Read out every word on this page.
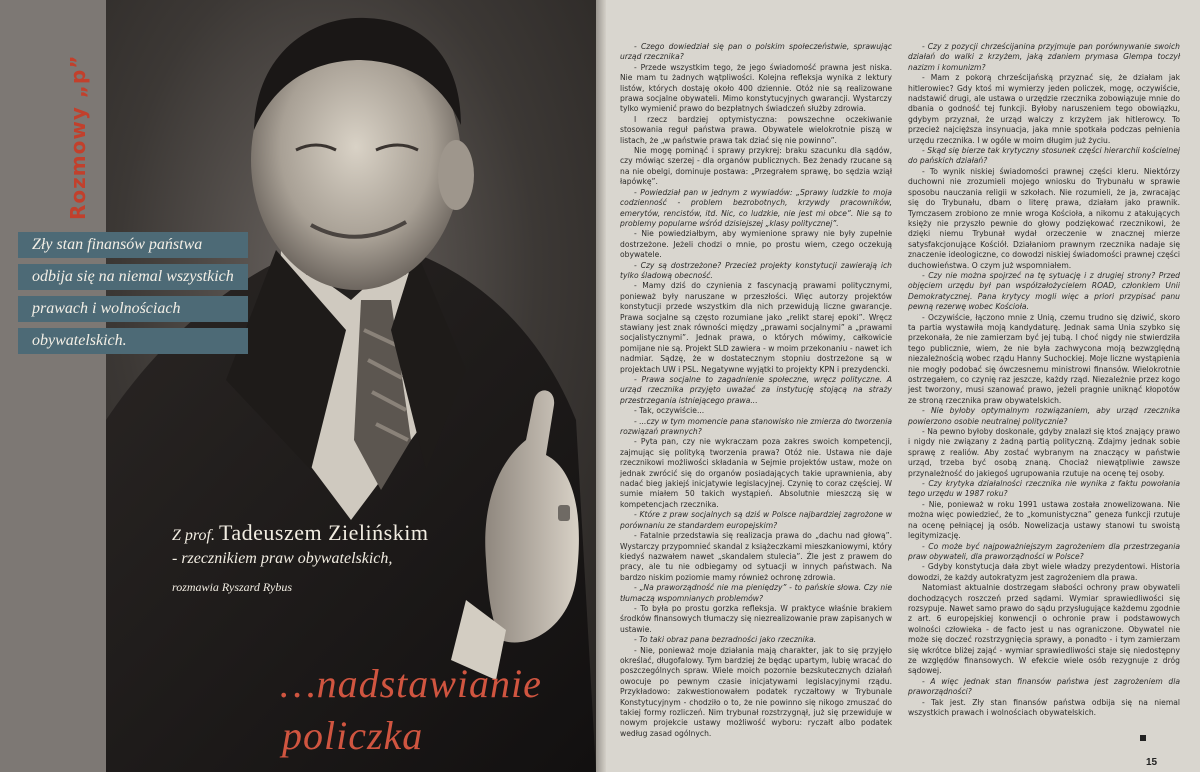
Rozmowy „p”
Zły stan finansów państwa
odbija się na niemal wszystkich
prawach i wolnościach
obywatelskich.
Z prof. Tadeuszem Zielińskim
- rzecznikiem praw obywatelskich,
rozmawia Ryszard Rybus
…nadstawianie
policzka

- Czego dowiedział się pan o polskim społeczeństwie, sprawując urząd rzecznika?

- Przede wszystkim tego, że jego świadomość prawna jest niska. Nie mam tu żadnych wątpliwości. Kolejna refleksja wynika z lektury listów, których dostaję około 400 dziennie. Otóż nie są realizowane prawa socjalne obywateli. Mimo konstytucyjnych gwarancji. Wystarczy tylko wymienić prawo do bezpłatnych świadczeń służby zdrowia.

I rzecz bardziej optymistyczna: powszechne oczekiwanie stosowania reguł państwa prawa. Obywatele wielokrotnie piszą w listach, że „w państwie prawa tak dziać się nie powinno”.

Nie mogę pominąć i sprawy przykrej: braku szacunku dla sądów, czy mówiąc szerzej - dla organów publicznych. Bez żenady rzucane są na nie obelgi, dominuje postawa: „Przegrałem sprawę, bo sędzia wziął łapówkę”.

- Powiedział pan w jednym z wywiadów: „Sprawy ludzkie to moja codzienność - problem bezrobotnych, krzywdy pracowników, emerytów, rencistów, itd. Nic, co ludzkie, nie jest mi obce”. Nie są to problemy popularne wśród dzisiejszej „klasy politycznej”.

- Nie powiedziałbym, aby wymienione sprawy nie były zupełnie dostrzeżone. Jeżeli chodzi o mnie, po prostu wiem, czego oczekują obywatele.

- Czy są dostrzeżone? Przecież projekty konstytucji zawierają ich tylko śladową obecność.

- Mamy dziś do czynienia z fascynacją prawami politycznymi, ponieważ były naruszane w przeszłości. Więc autorzy projektów konstytucji przede wszystkim dla nich przewidują liczne gwarancje. Prawa socjalne są często rozumiane jako „relikt starej epoki”. Wręcz stawiany jest znak równości między „prawami socjalnymi” a „prawami socjalistycznymi”. Jednak prawa, o których mówimy, całkowicie pomijane nie są. Projekt SLD zawiera - w moim przekonaniu - nawet ich nadmiar. Sądzę, że w dostatecznym stopniu dostrzeżone są w projektach UW i PSL. Negatywne wyjątki to projekty KPN i prezydencki.

- Prawa socjalne to zagadnienie społeczne, wręcz polityczne. A urząd rzecznika przyjęto uważać za instytucję stojącą na straży przestrzegania istniejącego prawa...

- Tak, oczywiście...

- ...czy w tym momencie pana stanowisko nie zmierza do tworzenia rozwiązań prawnych?

- Pyta pan, czy nie wykraczam poza zakres swoich kompetencji, zajmując się polityką tworzenia prawa? Otóż nie. Ustawa nie daje rzecznikowi możliwości składania w Sejmie projektów ustaw, może on jednak zwrócić się do organów posiadających takie uprawnienia, aby nadać bieg jakiejś inicjatywie legislacyjnej. Czynię to coraz częściej. W sumie miałem 50 takich wystąpień. Absolutnie mieszczą się w kompetencjach rzecznika.

- Które z praw socjalnych są dziś w Polsce najbardziej zagrożone w porównaniu ze standardem europejskim?

- Fatalnie przedstawia się realizacja prawa do „dachu nad głową”. Wystarczy przypomnieć skandal z książeczkami mieszkaniowymi, który kiedyś nazwałem nawet „skandalem stulecia”. Źle jest z prawem do pracy, ale tu nie odbiegamy od sytuacji w innych państwach. Na bardzo niskim poziomie mamy również ochronę zdrowia.

- „Na praworządność nie ma pieniędzy” - to pańskie słowa. Czy nie tłumaczą wspomnianych problemów?

- To była po prostu gorzka refleksja. W praktyce właśnie brakiem środków finansowych tłumaczy się niezrealizowanie praw zapisanych w ustawie.

- To taki obraz pana bezradności jako rzecznika.

- Nie, ponieważ moje działania mają charakter, jak to się przyjęło określać, długofalowy. Tym bardziej że będąc upartym, lubię wracać do poszczególnych spraw. Wiele moich pozornie bezskutecznych działań owocuje po pewnym czasie inicjatywami legislacyjnymi rządu. Przykładowo: zakwestionowałem podatek ryczałtowy w Trybunale Konstytucyjnym - chodziło o to, że nie powinno się nikogo zmuszać do takiej formy rozliczeń. Nim trybunał rozstrzygnął, już się przewiduje w nowym projekcie ustawy możliwość wyboru: ryczałt albo podatek według zasad ogólnych.

- Czy z pozycji chrześcijanina przyjmuje pan porównywanie swoich działań do walki z krzyżem, jaką zdaniem prymasa Glempa toczył nazizm i komunizm?

- Mam z pokorą chrześcijańską przyznać się, że działam jak hitlerowiec? Gdy ktoś mi wymierzy jeden policzek, mogę, oczywiście, nadstawić drugi, ale ustawa o urzędzie rzecznika zobowiązuje mnie do dbania o godność tej funkcji. Byłoby naruszeniem tego obowiązku, gdybym przyznał, że urząd walczy z krzyżem jak hitlerowcy. To przecież najcięższa insynuacja, jaka mnie spotkała podczas pełnienia urzędu rzecznika. I w ogóle w moim długim już życiu.

- Skąd się bierze tak krytyczny stosunek części hierarchii kościelnej do pańskich działań?

- To wynik niskiej świadomości prawnej części kleru. Niektórzy duchowni nie zrozumieli mojego wniosku do Trybunału w sprawie sposobu nauczania religii w szkołach. Nie rozumieli, że ja, zwracając się do Trybunału, dbam o literę prawa, działam jako prawnik. Tymczasem zrobiono ze mnie wroga Kościoła, a nikomu z atakujących księży nie przyszło pewnie do głowy podziękować rzecznikowi, że dzięki niemu Trybunał wydał orzeczenie w znacznej mierze satysfakcjonujące Kościół. Działaniom prawnym rzecznika nadaje się znaczenie ideologiczne, co dowodzi niskiej świadomości prawnej części duchowieństwa. O czym już wspomniałem.

- Czy nie można spojrzeć na tę sytuację i z drugiej strony? Przed objęciem urzędu był pan współzałożycielem ROAD, członkiem Unii Demokratycznej. Pana krytycy mogli więc a priori przypisać panu pewną rezerwę wobec Kościoła.

- Oczywiście, łączono mnie z Unią, czemu trudno się dziwić, skoro ta partia wystawiła moją kandydaturę. Jednak sama Unia szybko się przekonała, że nie zamierzam być jej tubą. I choć nigdy nie stwierdziła tego publicznie, wiem, że nie była zachwycona moją bezwzględną niezależnością wobec rządu Hanny Suchockiej. Moje liczne wystąpienia nie mogły podobać się ówczesnemu ministrowi finansów. Wielokrotnie ostrzegałem, co czynię raz jeszcze, każdy rząd. Niezależnie przez kogo jest tworzony, musi szanować prawo, jeżeli pragnie uniknąć kłopotów ze stroną rzecznika praw obywatelskich.

- Nie byłoby optymalnym rozwiązaniem, aby urząd rzecznika powierzono osobie neutralnej politycznie?

- Na pewno byłoby doskonale, gdyby znalazł się ktoś znający prawo i nigdy nie związany z żadną partią polityczną. Zdajmy jednak sobie sprawę z realiów. Aby zostać wybranym na znaczący w państwie urząd, trzeba być osobą znaną. Chociaż niewątpliwie zawsze przynależność do jakiegoś ugrupowania rzutuje na ocenę tej osoby.

- Czy krytyka działalności rzecznika nie wynika z faktu powołania tego urzędu w 1987 roku?

- Nie, ponieważ w roku 1991 ustawa została znowelizowana. Nie można więc powiedzieć, że to „komunistyczna” geneza funkcji rzutuje na ocenę pełniącej ją osób. Nowelizacja ustawy stanowi tu swoistą legitymizację.

- Co może być najpoważniejszym zagrożeniem dla przestrzegania praw obywateli, dla praworządności w Polsce?

- Gdyby konstytucja dała zbyt wiele władzy prezydentowi. Historia dowodzi, że każdy autokratyzm jest zagrożeniem dla prawa.

Natomiast aktualnie dostrzegam słabości ochrony praw obywateli dochodzących roszczeń przed sądami. Wymiar sprawiedliwości się rozsypuje. Nawet samo prawo do sądu przysługujące każdemu zgodnie z art. 6 europejskiej konwencji o ochronie praw i podstawowych wolności człowieka - de facto jest u nas ograniczone. Obywatel nie może się doczeć rozstrzygnięcia sprawy, a ponadto - i tym zamierzam się wkrótce bliżej zająć - wymiar sprawiedliwości staje się niedostępny ze względów finansowych. W efekcie wiele osób rezygnuje z dróg sądowej.

- A więc jednak stan finansów państwa jest zagrożeniem dla praworządności?

- Tak jest. Zły stan finansów państwa odbija się na niemal wszystkich prawach i wolnościach obywatelskich.

15
